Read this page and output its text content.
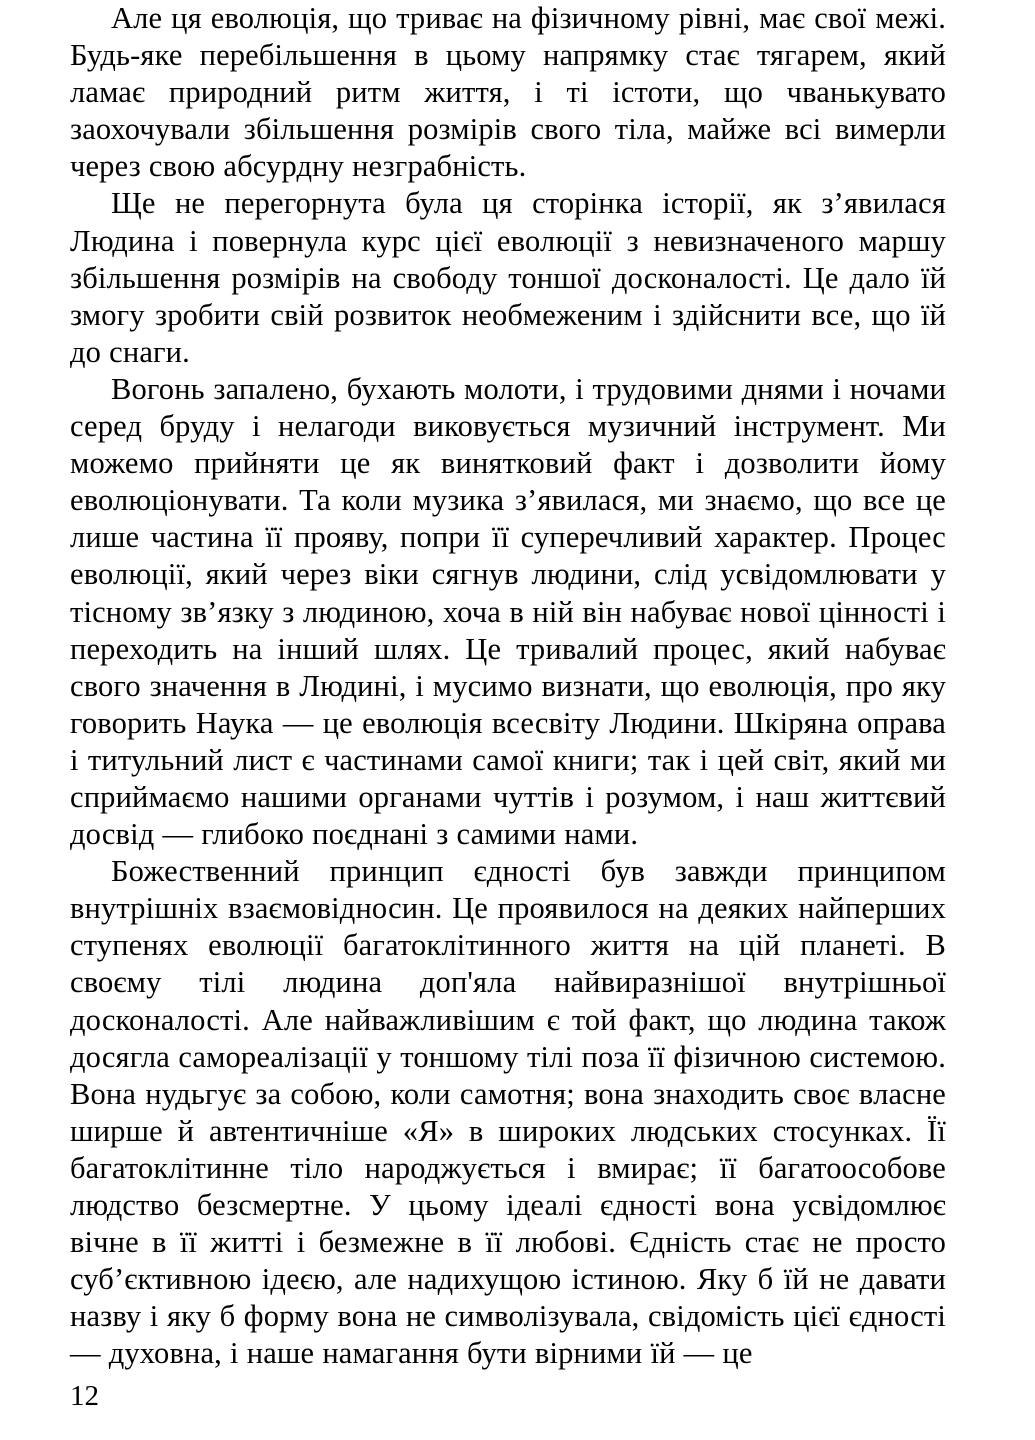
Але ця еволюція, що триває на фізичному рівні, має свої межі. Будь-яке перебільшення в цьому напрямку стає тягарем, який ламає природний ритм життя, і ті істоти, що чванькувато заохочували збільшення розмірів свого тіла, майже всі вимерли через свою абсурдну незграбність.

Ще не перегорнута була ця сторінка історії, як з’явилася Людина і повернула курс цієї еволюції з невизначеного маршу збільшення розмірів на свободу тоншої досконалості. Це дало їй змогу зробити свій розвиток необмеженим і здійснити все, що їй до снаги.

Вогонь запалено, бухають молоти, і трудовими днями і ночами серед бруду і нелагоди виковується музичний інструмент. Ми можемо прийняти це як винятковий факт і дозволити йому еволюціонувати. Та коли музика з’явилася, ми знаємо, що все це лише частина її прояву, попри її суперечливий характер. Процес еволюції, який через віки сягнув людини, слід усвідомлювати у тісному зв’язку з людиною, хоча в ній він набуває нової цінності і переходить на інший шлях. Це тривалий процес, який набуває свого значення в Людині, і мусимо визнати, що еволюція, про яку говорить Наука — це еволюція всесвіту Людини. Шкіряна оправа і титульний лист є частинами самої книги; так і цей світ, який ми сприймаємо нашими органами чуттів і розумом, і наш життєвий досвід — глибоко поєднані з самими нами.

Божественний принцип єдності був завжди принципом внутрішніх взаємовідносин. Це проявилося на деяких найперших ступенях еволюції багатоклітинного життя на цій планеті. В своєму тілі людина доп'яла найвиразнішої внутрішньої досконалості. Але найважливішим є той факт, що людина також досягла самореалізації у тоншому тілі поза її фізичною системою. Вона нудьгує за собою, коли самотня; вона знаходить своє власне ширше й автентичніше «Я» в широких людських стосунках. Її багатоклітинне тіло народжується і вмирає; її багатоособове людство безсмертне. У цьому ідеалі єдності вона усвідомлює вічне в її житті і безмежне в її любові. Єдність стає не просто суб’єктивною ідеєю, але надихущою істиною. Яку б їй не давати назву і яку б форму вона не символізувала, свідомість цієї єдності — духовна, і наше намагання бути вірними їй — це

12
